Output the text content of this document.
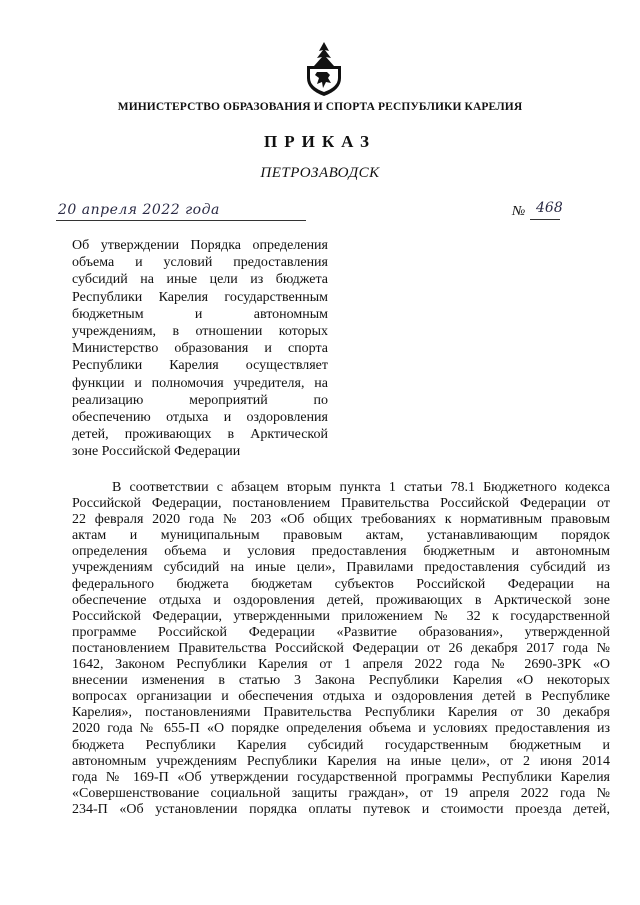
МИНИСТЕРСТВО ОБРАЗОВАНИЯ И СПОРТА РЕСПУБЛИКИ КАРЕЛИЯ
ПРИКАЗ
ПЕТРОЗАВОДСК
20 апреля 2022 года	№ 468
Об утверждении Порядка определения
объема и условий предоставления
субсидий на иные цели из бюджета
Республики Карелия государственным
бюджетным и автономным
учреждениям, в отношении которых
Министерство образования и спорта
Республики Карелия осуществляет
функции и полномочия учредителя, на
реализацию мероприятий по
обеспечению отдыха и оздоровления
детей, проживающих в Арктической
зоне Российской Федерации
В соответствии с абзацем вторым пункта 1 статьи 78.1 Бюджетного кодекса
Российской Федерации, постановлением Правительства Российской Федерации от
22 февраля 2020 года № 203 «Об общих требованиях к нормативным правовым
актам и муниципальным правовым актам, устанавливающим порядок
определения объема и условия предоставления бюджетным и автономным
учреждениям субсидий на иные цели», Правилами предоставления субсидий из
федерального бюджета бюджетам субъектов Российской Федерации на
обеспечение отдыха и оздоровления детей, проживающих в Арктической зоне
Российской Федерации, утвержденными приложением № 32 к государственной
программе Российской Федерации «Развитие образования», утвержденной
постановлением Правительства Российской Федерации от 26 декабря 2017 года №
1642, Законом Республики Карелия от 1 апреля 2022 года № 2690-ЗРК «О
внесении изменения в статью 3 Закона Республики Карелия «О некоторых
вопросах организации и обеспечения отдыха и оздоровления детей в Республике
Карелия», постановлениями Правительства Республики Карелия от 30 декабря
2020 года № 655-П «О порядке определения объема и условиях предоставления из
бюджета Республики Карелия субсидий государственным бюджетным и
автономным учреждениям Республики Карелия на иные цели», от 2 июня 2014
года № 169-П «Об утверждении государственной программы Республики Карелия
«Совершенствование социальной защиты граждан», от 19 апреля 2022 года №
234-П «Об установлении порядка оплаты путевок и стоимости проезда детей,
